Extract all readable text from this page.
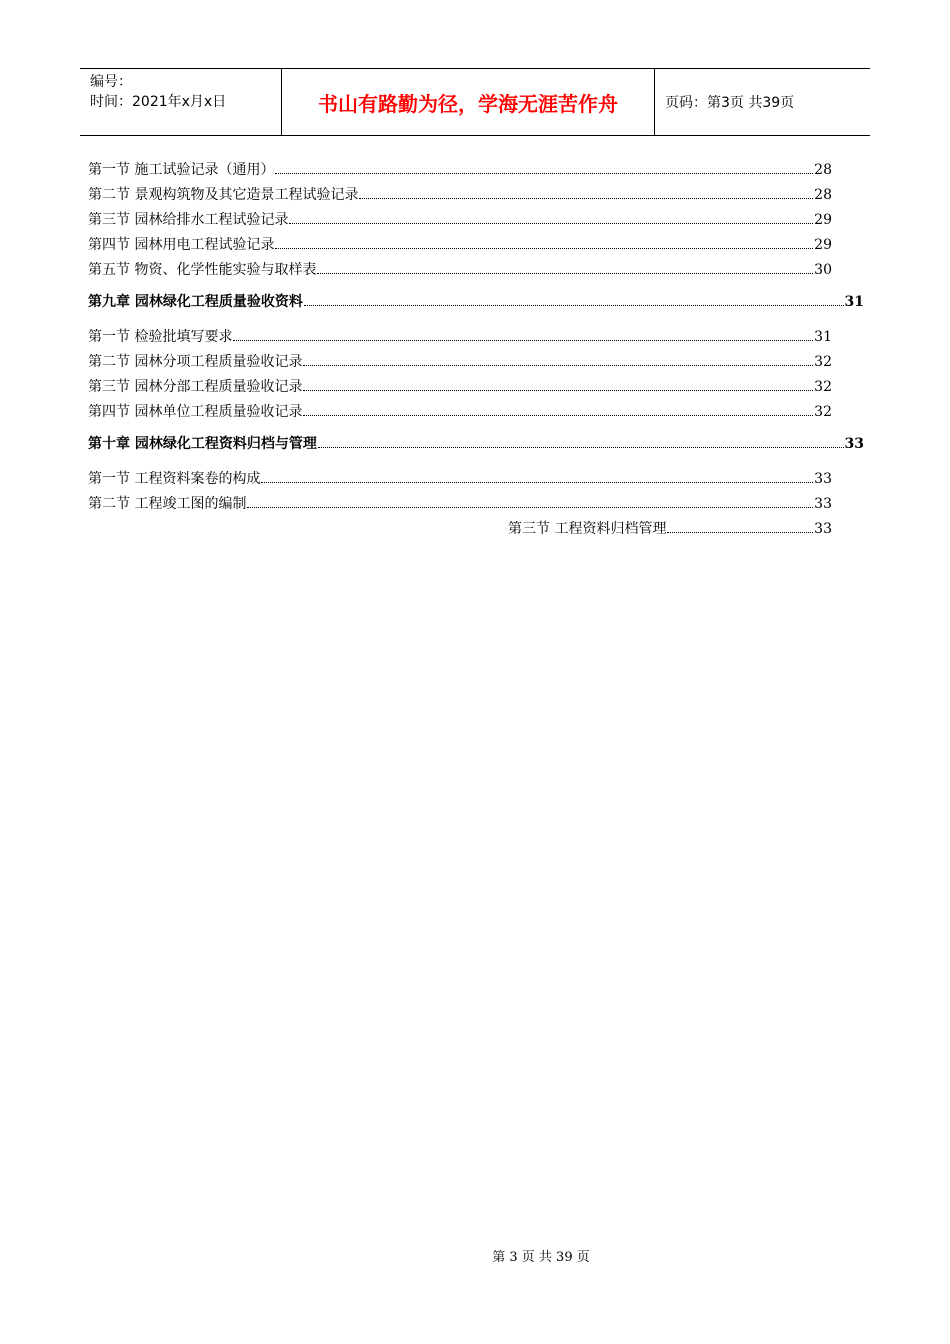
编号：
时间：2021年x月x日	书山有路勤为径，学海无涯苦作舟	页码：第3页 共39页
第一节 施工试验记录（通用）	28
第二节 景观构筑物及其它造景工程试验记录	28
第三节 园林给排水工程试验记录	29
第四节 园林用电工程试验记录	29
第五节 物资、化学性能实验与取样表	30
第九章 园林绿化工程质量验收资料	31
第一节 检验批填写要求	31
第二节 园林分项工程质量验收记录	32
第三节 园林分部工程质量验收记录	32
第四节 园林单位工程质量验收记录	32
第十章 园林绿化工程资料归档与管理	33
第一节 工程资料案卷的构成	33
第二节 工程竣工图的编制	33
第三节 工程资料归档管理	33
第 3 页 共 39 页
